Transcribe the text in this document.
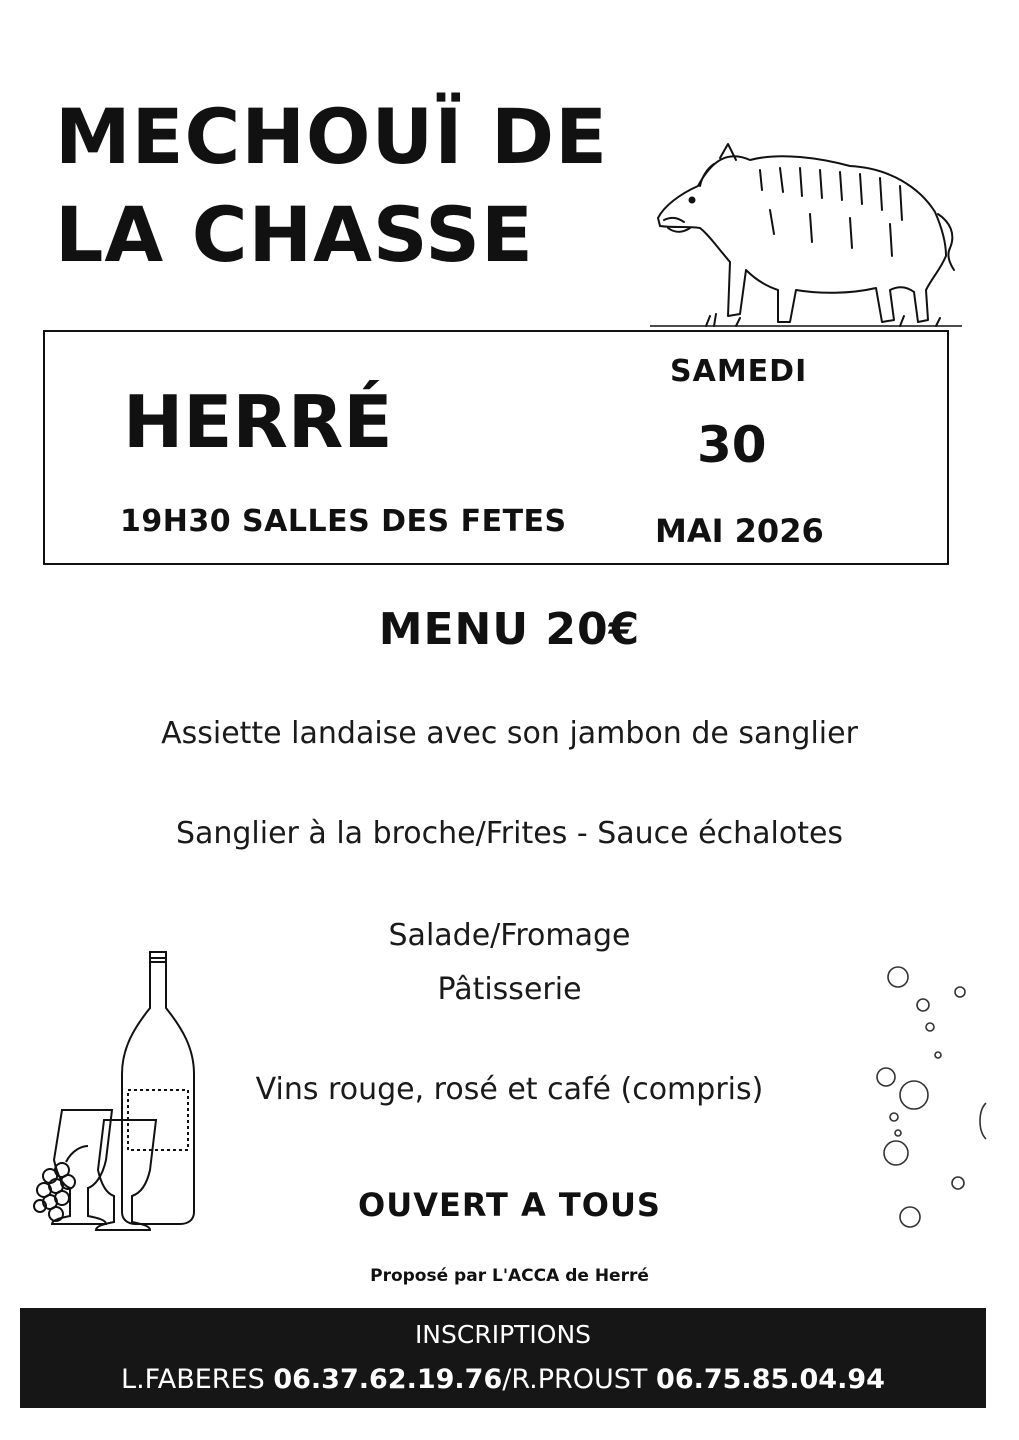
MECHOUÏ DE
LA CHASSE
HERRÉ
19H30 SALLES DES FETES
SAMEDI
30
MAI 2026
MENU 20€
Assiette landaise avec son jambon de sanglier
Sanglier à la broche/Frites - Sauce échalotes
Salade/Fromage
Pâtisserie
Vins rouge, rosé et café (compris)
OUVERT A TOUS
Proposé par L'ACCA de Herré
INSCRIPTIONS
L.FABERES 06.37.62.19.76/R.PROUST 06.75.85.04.94
